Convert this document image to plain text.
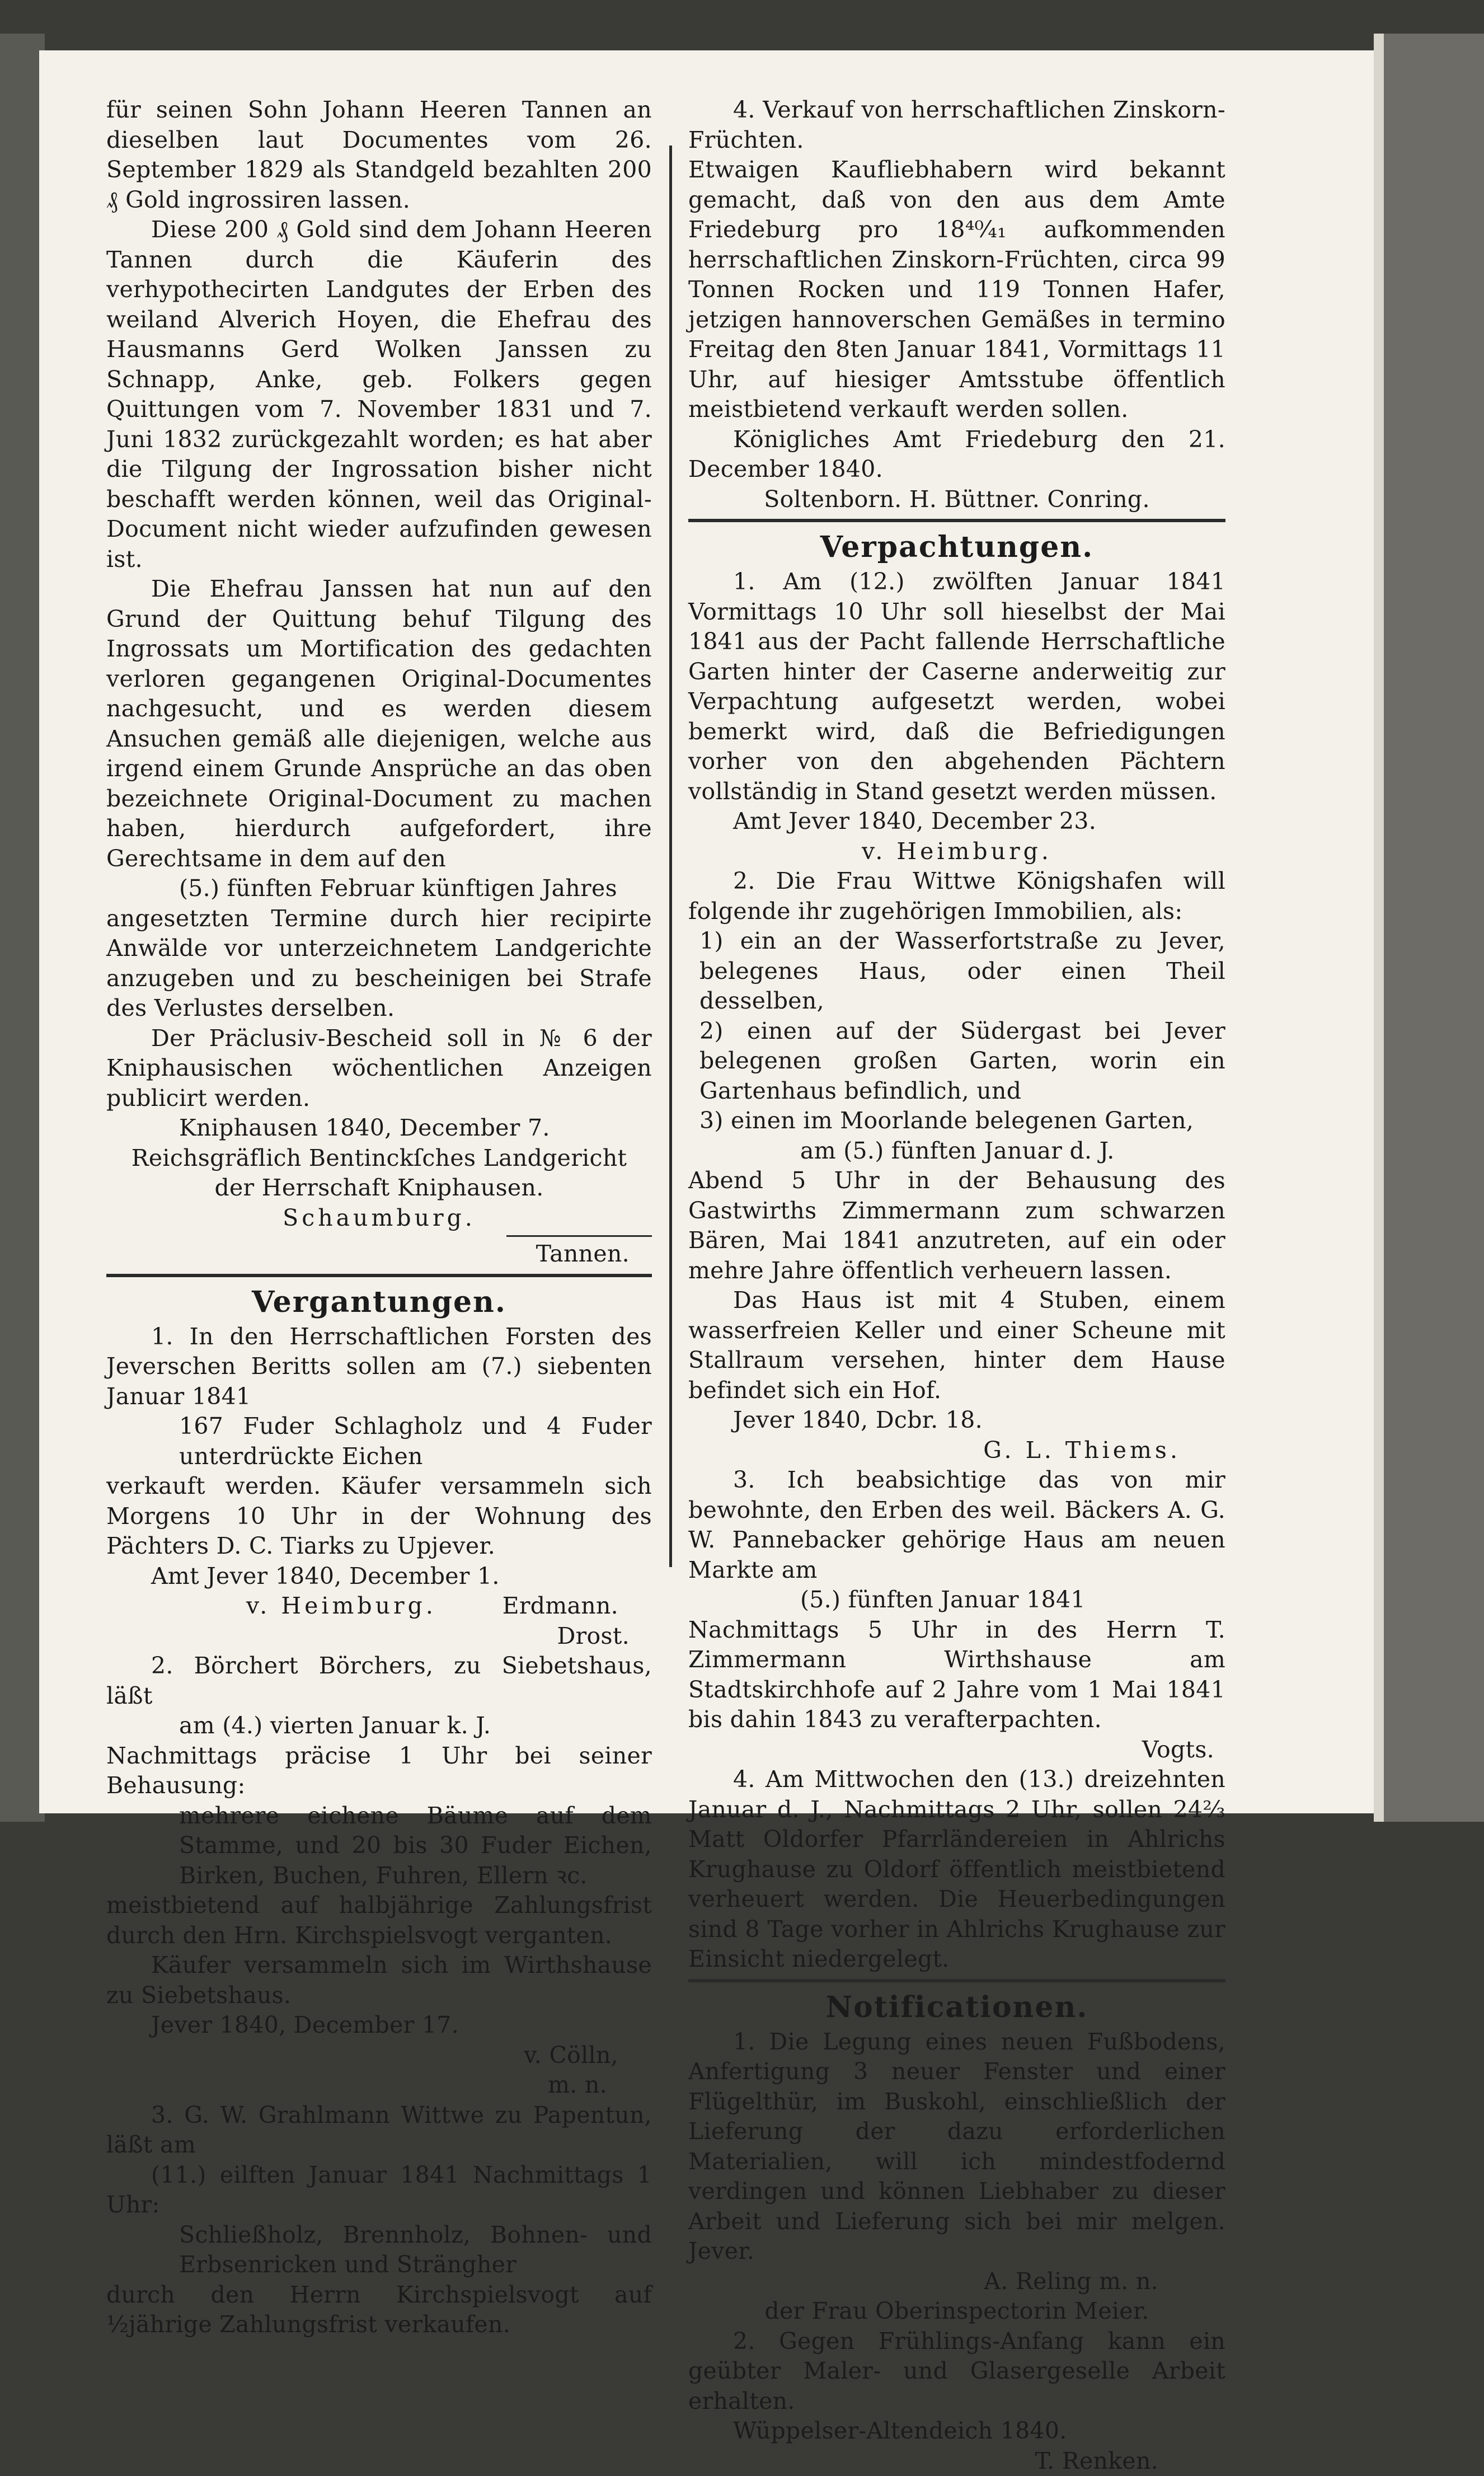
für seinen Sohn Johann Heeren Tannen an dieselben laut Documentes vom 26. September 1829 als Standgeld bezahlten 200 ₰ Gold ingrossiren lassen.

Diese 200 ₰ Gold sind dem Johann Heeren Tannen durch die Käuferin des verhypothecirten Landgutes der Erben des weiland Alverich Hoyen, die Ehefrau des Hausmanns Gerd Wolken Janssen zu Schnapp, Anke, geb. Folkers gegen Quittungen vom 7. November 1831 und 7. Juni 1832 zurückgezahlt worden; es hat aber die Tilgung der Ingrossation bisher nicht beschafft werden können, weil das Original-Document nicht wieder aufzufinden gewesen ist.

Die Ehefrau Janssen hat nun auf den Grund der Quittung behuf Tilgung des Ingrossats um Mortification des gedachten verloren gegangenen Original-Documentes nachgesucht, und es werden diesem Ansuchen gemäß alle diejenigen, welche aus irgend einem Grunde Ansprüche an das oben bezeichnete Original-Document zu machen haben, hierdurch aufgefordert, ihre Gerechtsame in dem auf den

(5.) fünften Februar künftigen Jahres

angesetzten Termine durch hier recipirte Anwälde vor unterzeichnetem Landgerichte anzugeben und zu bescheinigen bei Strafe des Verlustes derselben.

Der Präclusiv-Bescheid soll in № 6 der Kniphausischen wöchentlichen Anzeigen publicirt werden.

Kniphausen 1840, December 7.

Reichsgräflich Bentinckſches Landgericht

der Herrschaft Kniphausen.

Schaumburg.

Tannen.

Vergantungen.

1. In den Herrschaftlichen Forsten des Jeverschen Beritts sollen am (7.) siebenten Januar 1841

167 Fuder Schlagholz und 4 Fuder unterdrückte Eichen

verkauft werden. Käufer versammeln sich Morgens 10 Uhr in der Wohnung des Pächters D. C. Tiarks zu Upjever.

Amt Jever 1840, December 1.

v. Heimburg.	Erdmann.

Drost.

2. Börchert Börchers, zu Siebetshaus, läßt

am (4.) vierten Januar k. J.

Nachmittags präcise 1 Uhr bei seiner Behausung:

mehrere eichene Bäume auf dem Stamme, und 20 bis 30 Fuder Eichen, Birken, Buchen, Fuhren, Ellern ꝛc.

meistbietend auf halbjährige Zahlungsfrist durch den Hrn. Kirchspielsvogt verganten.

Käufer versammeln sich im Wirthshause zu Siebetshaus.

Jever 1840, December 17.

v. Cölln,

m. n.

3. G. W. Grahlmann Wittwe zu Papentun, läßt am

(11.) eilften Januar 1841 Nachmittags 1 Uhr:

Schließholz, Brennholz, Bohnen- und Erbsenricken und Strängher

durch den Herrn Kirchspielsvogt auf ½jährige Zahlungsfrist verkaufen.

4. Verkauf von herrschaftlichen Zinskorn-Früchten.

Etwaigen Kaufliebhabern wird bekannt gemacht, daß von den aus dem Amte Friedeburg pro 18⁴⁰⁄₄₁ aufkommenden herrschaftlichen Zinskorn-Früchten, circa 99 Tonnen Rocken und 119 Tonnen Hafer, jetzigen hannoverschen Gemäßes in termino Freitag den 8ten Januar 1841, Vormittags 11 Uhr, auf hiesiger Amtsstube öffentlich meistbietend verkauft werden sollen.

Königliches Amt Friedeburg den 21. December 1840.

Soltenborn. H. Büttner. Conring.

Verpachtungen.

1. Am (12.) zwölften Januar 1841 Vormittags 10 Uhr soll hieselbst der Mai 1841 aus der Pacht fallende Herrschaftliche Garten hinter der Caserne anderweitig zur Verpachtung aufgesetzt werden, wobei bemerkt wird, daß die Befriedigungen vorher von den abgehenden Pächtern vollständig in Stand gesetzt werden müssen.

Amt Jever 1840, December 23.

v. Heimburg.

2. Die Frau Wittwe Königshafen will folgende ihr zugehörigen Immobilien, als:

1) ein an der Wasserfortstraße zu Jever, belegenes Haus, oder einen Theil desselben,

2) einen auf der Südergast bei Jever belegenen großen Garten, worin ein Gartenhaus befindlich, und

3) einen im Moorlande belegenen Garten,

am (5.) fünften Januar d. J.

Abend 5 Uhr in der Behausung des Gastwirths Zimmermann zum schwarzen Bären, Mai 1841 anzutreten, auf ein oder mehre Jahre öffentlich verheuern lassen.

Das Haus ist mit 4 Stuben, einem wasserfreien Keller und einer Scheune mit Stallraum versehen, hinter dem Hause befindet sich ein Hof.

Jever 1840, Dcbr. 18.

G. L. Thiems.

3. Ich beabsichtige das von mir bewohnte, den Erben des weil. Bäckers A. G. W. Pannebacker gehörige Haus am neuen Markte am

(5.) fünften Januar 1841

Nachmittags 5 Uhr in des Herrn T. Zimmermann Wirthshause am Stadtskirchhofe auf 2 Jahre vom 1 Mai 1841 bis dahin 1843 zu verafterpachten.

Vogts.

4. Am Mittwochen den (13.) dreizehnten Januar d. J., Nachmittags 2 Uhr, sollen 24²⁄₃ Matt Oldorfer Pfarrländereien in Ahlrichs Krughause zu Oldorf öffentlich meistbietend verheuert werden. Die Heuerbedingungen sind 8 Tage vorher in Ahlrichs Krughause zur Einsicht niedergelegt.

Notificationen.

1. Die Legung eines neuen Fußbodens, Anfertigung 3 neuer Fenster und einer Flügelthür, im Buskohl, einschließlich der Lieferung der dazu erforderlichen Materialien, will ich mindestfodernd verdingen und können Liebhaber zu dieser Arbeit und Lieferung sich bei mir melgen. Jever.

A. Reling m. n.

der Frau Oberinspectorin Meier.

2. Gegen Frühlings-Anfang kann ein geübter Maler- und Glasergeselle Arbeit erhalten.

Wüppelser-Altendeich 1840.

T. Renken.
